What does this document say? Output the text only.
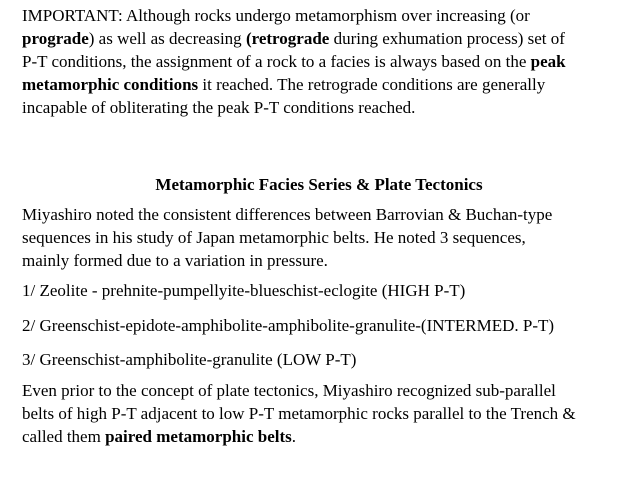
IMPORTANT: Although rocks undergo metamorphism over increasing (or
prograde) as well as decreasing (retrograde during exhumation process) set of
P-T conditions, the assignment of a rock to a facies is always based on the peak
metamorphic conditions it reached. The retrograde conditions are generally
incapable of obliterating the peak P-T conditions reached.
Metamorphic Facies Series & Plate Tectonics
Miyashiro noted the consistent differences between Barrovian & Buchan-type
sequences in his study of Japan metamorphic belts. He noted 3 sequences,
mainly formed due to a variation in pressure.
1/ Zeolite - prehnite-pumpellyite-blueschist-eclogite (HIGH P-T)
2/ Greenschist-epidote-amphibolite-amphibolite-granulite-(INTERMED. P-T)
3/ Greenschist-amphibolite-granulite (LOW P-T)
Even prior to the concept of plate tectonics, Miyashiro recognized sub-parallel
belts of high P-T adjacent to low P-T metamorphic rocks parallel to the Trench &
called them paired metamorphic belts.
